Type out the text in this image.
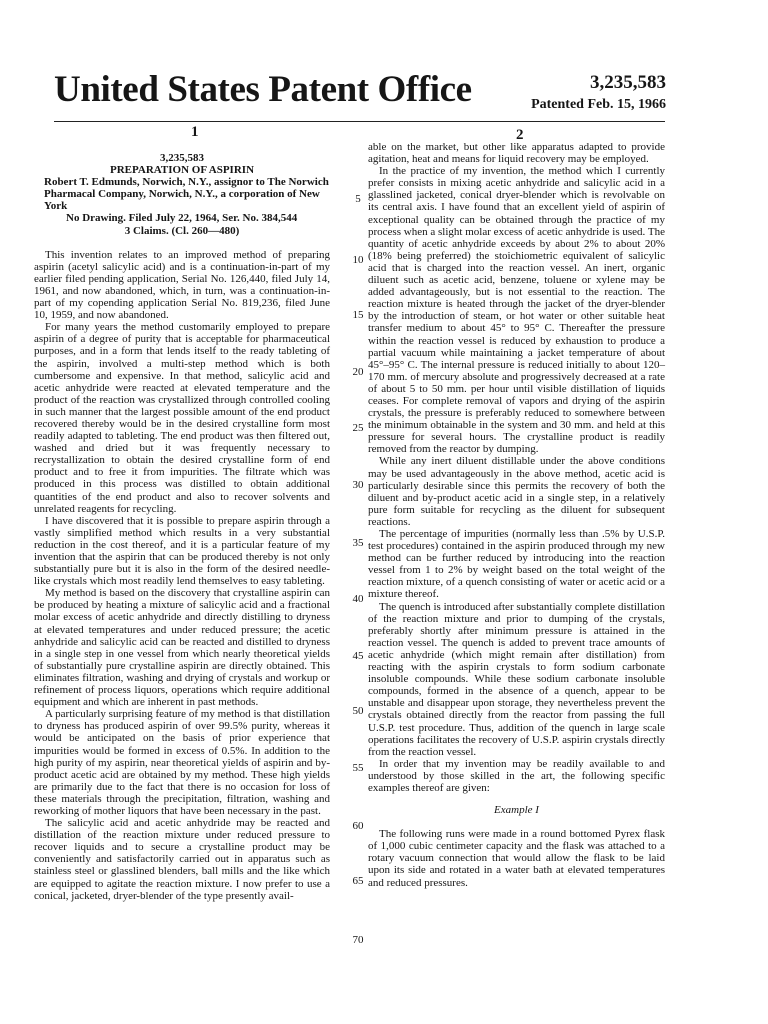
United States Patent Office	3,235,583
Patented Feb. 15, 1966
1	2

3,235,583

PREPARATION OF ASPIRIN

Robert T. Edmunds, Norwich, N.Y., assignor to The Norwich Pharmacal Company, Norwich, N.Y., a corporation of New York

No Drawing. Filed July 22, 1964, Ser. No. 384,544

3 Claims. (Cl. 260—480)

This invention relates to an improved method of preparing aspirin (acetyl salicylic acid) and is a continuation-in-part of my earlier filed pending application, Serial No. 126,440, filed July 14, 1961, and now abandoned, which, in turn, was a continuation-in-part of my copending application Serial No. 819,236, filed June 10, 1959, and now abandoned.

For many years the method customarily employed to prepare aspirin of a degree of purity that is acceptable for pharmaceutical purposes, and in a form that lends itself to the ready tableting of the aspirin, involved a multi-step method which is both cumbersome and expensive. In that method, salicylic acid and acetic anhydride were reacted at elevated temperature and the product of the reaction was crystallized through controlled cooling in such manner that the largest possible amount of the end product recovered thereby would be in the desired crystalline form most readily adapted to tableting. The end product was then filtered out, washed and dried but it was frequently necessary to recrystallization to obtain the desired crystalline form of end product and to free it from impurities. The filtrate which was produced in this process was distilled to obtain additional quantities of the end product and also to recover solvents and unrelated reagents for recycling.

I have discovered that it is possible to prepare aspirin through a vastly simplified method which results in a very substantial reduction in the cost thereof, and it is a particular feature of my invention that the aspirin that can be produced thereby is not only substantially pure but it is also in the form of the desired needle-like crystals which most readily lend themselves to easy tableting.

My method is based on the discovery that crystalline aspirin can be produced by heating a mixture of salicylic acid and a fractional molar excess of acetic anhydride and directly distilling to dryness at elevated temperatures and under reduced pressure; the acetic anhydride and salicylic acid can be reacted and distilled to dryness in a single step in one vessel from which nearly theoretical yields of substantially pure crystalline aspirin are directly obtained. This eliminates filtration, washing and drying of crystals and workup or refinement of process liquors, operations which require additional equipment and which are inherent in past methods.

A particularly surprising feature of my method is that distillation to dryness has produced aspirin of over 99.5% purity, whereas it would be anticipated on the basis of prior experience that impurities would be formed in excess of 0.5%. In addition to the high purity of my aspirin, near theoretical yields of aspirin and by-product acetic acid are obtained by my method. These high yields are primarily due to the fact that there is no occasion for loss of these materials through the precipitation, filtration, washing and reworking of mother liquors that have been necessary in the past.

The salicylic acid and acetic anhydride may be reacted and distillation of the reaction mixture under reduced pressure to recover liquids and to secure a crystalline product may be conveniently and satisfactorily carried out in apparatus such as stainless steel or glasslined blenders, ball mills and the like which are equipped to agitate the reaction mixture. I now prefer to use a conical, jacketed, dryer-blender of the type presently avail-

5
10
15
20
25
30
35
40
45
50
55
60
65
70

able on the market, but other like apparatus adapted to provide agitation, heat and means for liquid recovery may be employed.

In the practice of my invention, the method which I currently prefer consists in mixing acetic anhydride and salicylic acid in a glasslined jacketed, conical dryer-blender which is revolvable on its central axis. I have found that an excellent yield of aspirin of exceptional quality can be obtained through the practice of my process when a slight molar excess of acetic anhydride is used. The quantity of acetic anhydride exceeds by about 2% to about 20% (18% being preferred) the stoichiometric equivalent of salicylic acid that is charged into the reaction vessel. An inert, organic diluent such as acetic acid, benzene, toluene or xylene may be added advantageously, but is not essential to the reaction. The reaction mixture is heated through the jacket of the dryer-blender by the introduction of steam, or hot water or other suitable heat transfer medium to about 45° to 95° C. Thereafter the pressure within the reaction vessel is reduced by exhaustion to produce a partial vacuum while maintaining a jacket temperature of about 45°–95° C. The internal pressure is reduced initially to about 120–170 mm. of mercury absolute and progressively decreased at a rate of about 5 to 50 mm. per hour until visible distillation of liquids ceases. For complete removal of vapors and drying of the aspirin crystals, the pressure is preferably reduced to somewhere between the minimum obtainable in the system and 30 mm. and held at this pressure for several hours. The crystalline product is readily removed from the reactor by dumping.

While any inert diluent distillable under the above conditions may be used advantageously in the above method, acetic acid is particularly desirable since this permits the recovery of both the diluent and by-product acetic acid in a single step, in a relatively pure form suitable for recycling as the diluent for subsequent reactions.

The percentage of impurities (normally less than .5% by U.S.P. test procedures) contained in the aspirin produced through my new method can be further reduced by introducing into the reaction vessel from 1 to 2% by weight based on the total weight of the reaction mixture, of a quench consisting of water or acetic acid or a mixture thereof.

The quench is introduced after substantially complete distillation of the reaction mixture and prior to dumping of the crystals, preferably shortly after minimum pressure is attained in the reaction vessel. The quench is added to prevent trace amounts of acetic anhydride (which might remain after distillation) from reacting with the aspirin crystals to form sodium carbonate insoluble compounds. While these sodium carbonate insoluble compounds, formed in the absence of a quench, appear to be unstable and disappear upon storage, they nevertheless prevent the crystals obtained directly from the reactor from passing the full U.S.P. test procedure. Thus, addition of the quench in large scale operations facilitates the recovery of U.S.P. aspirin crystals directly from the reaction vessel.

In order that my invention may be readily available to and understood by those skilled in the art, the following specific examples thereof are given:

Example I

The following runs were made in a round bottomed Pyrex flask of 1,000 cubic centimeter capacity and the flask was attached to a rotary vacuum connection that would allow the flask to be laid upon its side and rotated in a water bath at elevated temperatures and reduced pressures.
